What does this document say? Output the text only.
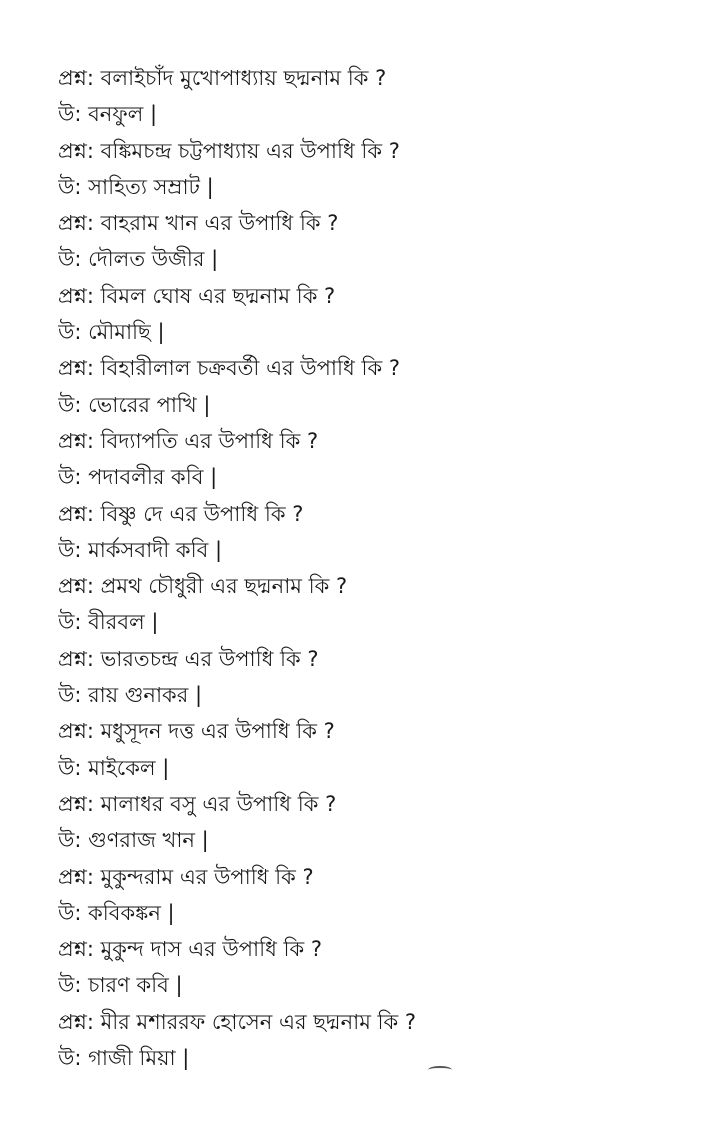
প্রশ্ন: বলাইচাঁদ মুখোপাধ্যায় ছদ্মনাম কি ?
উ: বনফুল |
প্রশ্ন: বঙ্কিমচন্দ্র চট্টপাধ্যায় এর উপাধি কি ?
উ: সাহিত্য সম্রাট |
প্রশ্ন: বাহরাম খান এর উপাধি কি ?
উ: দৌলত উজীর |
প্রশ্ন: বিমল ঘোষ এর ছদ্মনাম কি ?
উ: মৌমাছি |
প্রশ্ন: বিহারীলাল চক্রবর্তী এর উপাধি কি ?
উ: ভোরের পাখি |
প্রশ্ন: বিদ্যাপতি এর উপাধি কি ?
উ: পদাবলীর কবি |
প্রশ্ন: বিষ্ণু দে এর উপাধি কি ?
উ: মার্কসবাদী কবি |
প্রশ্ন: প্রমথ চৌধুরী এর ছদ্মনাম কি ?
উ: বীরবল |
প্রশ্ন: ভারতচন্দ্র এর উপাধি কি ?
উ: রায় গুনাকর |
প্রশ্ন: মধুসূদন দত্ত এর উপাধি কি ?
উ: মাইকেল |
প্রশ্ন: মালাধর বসু এর উপাধি কি ?
উ: গুণরাজ খান |
প্রশ্ন: মুকুন্দরাম এর উপাধি কি ?
উ: কবিকঙ্কন |
প্রশ্ন: মুকুন্দ দাস এর উপাধি কি ?
উ: চারণ কবি |
প্রশ্ন: মীর মশাররফ হোসেন এর ছদ্মনাম কি ?
উ: গাজী মিয়া |
